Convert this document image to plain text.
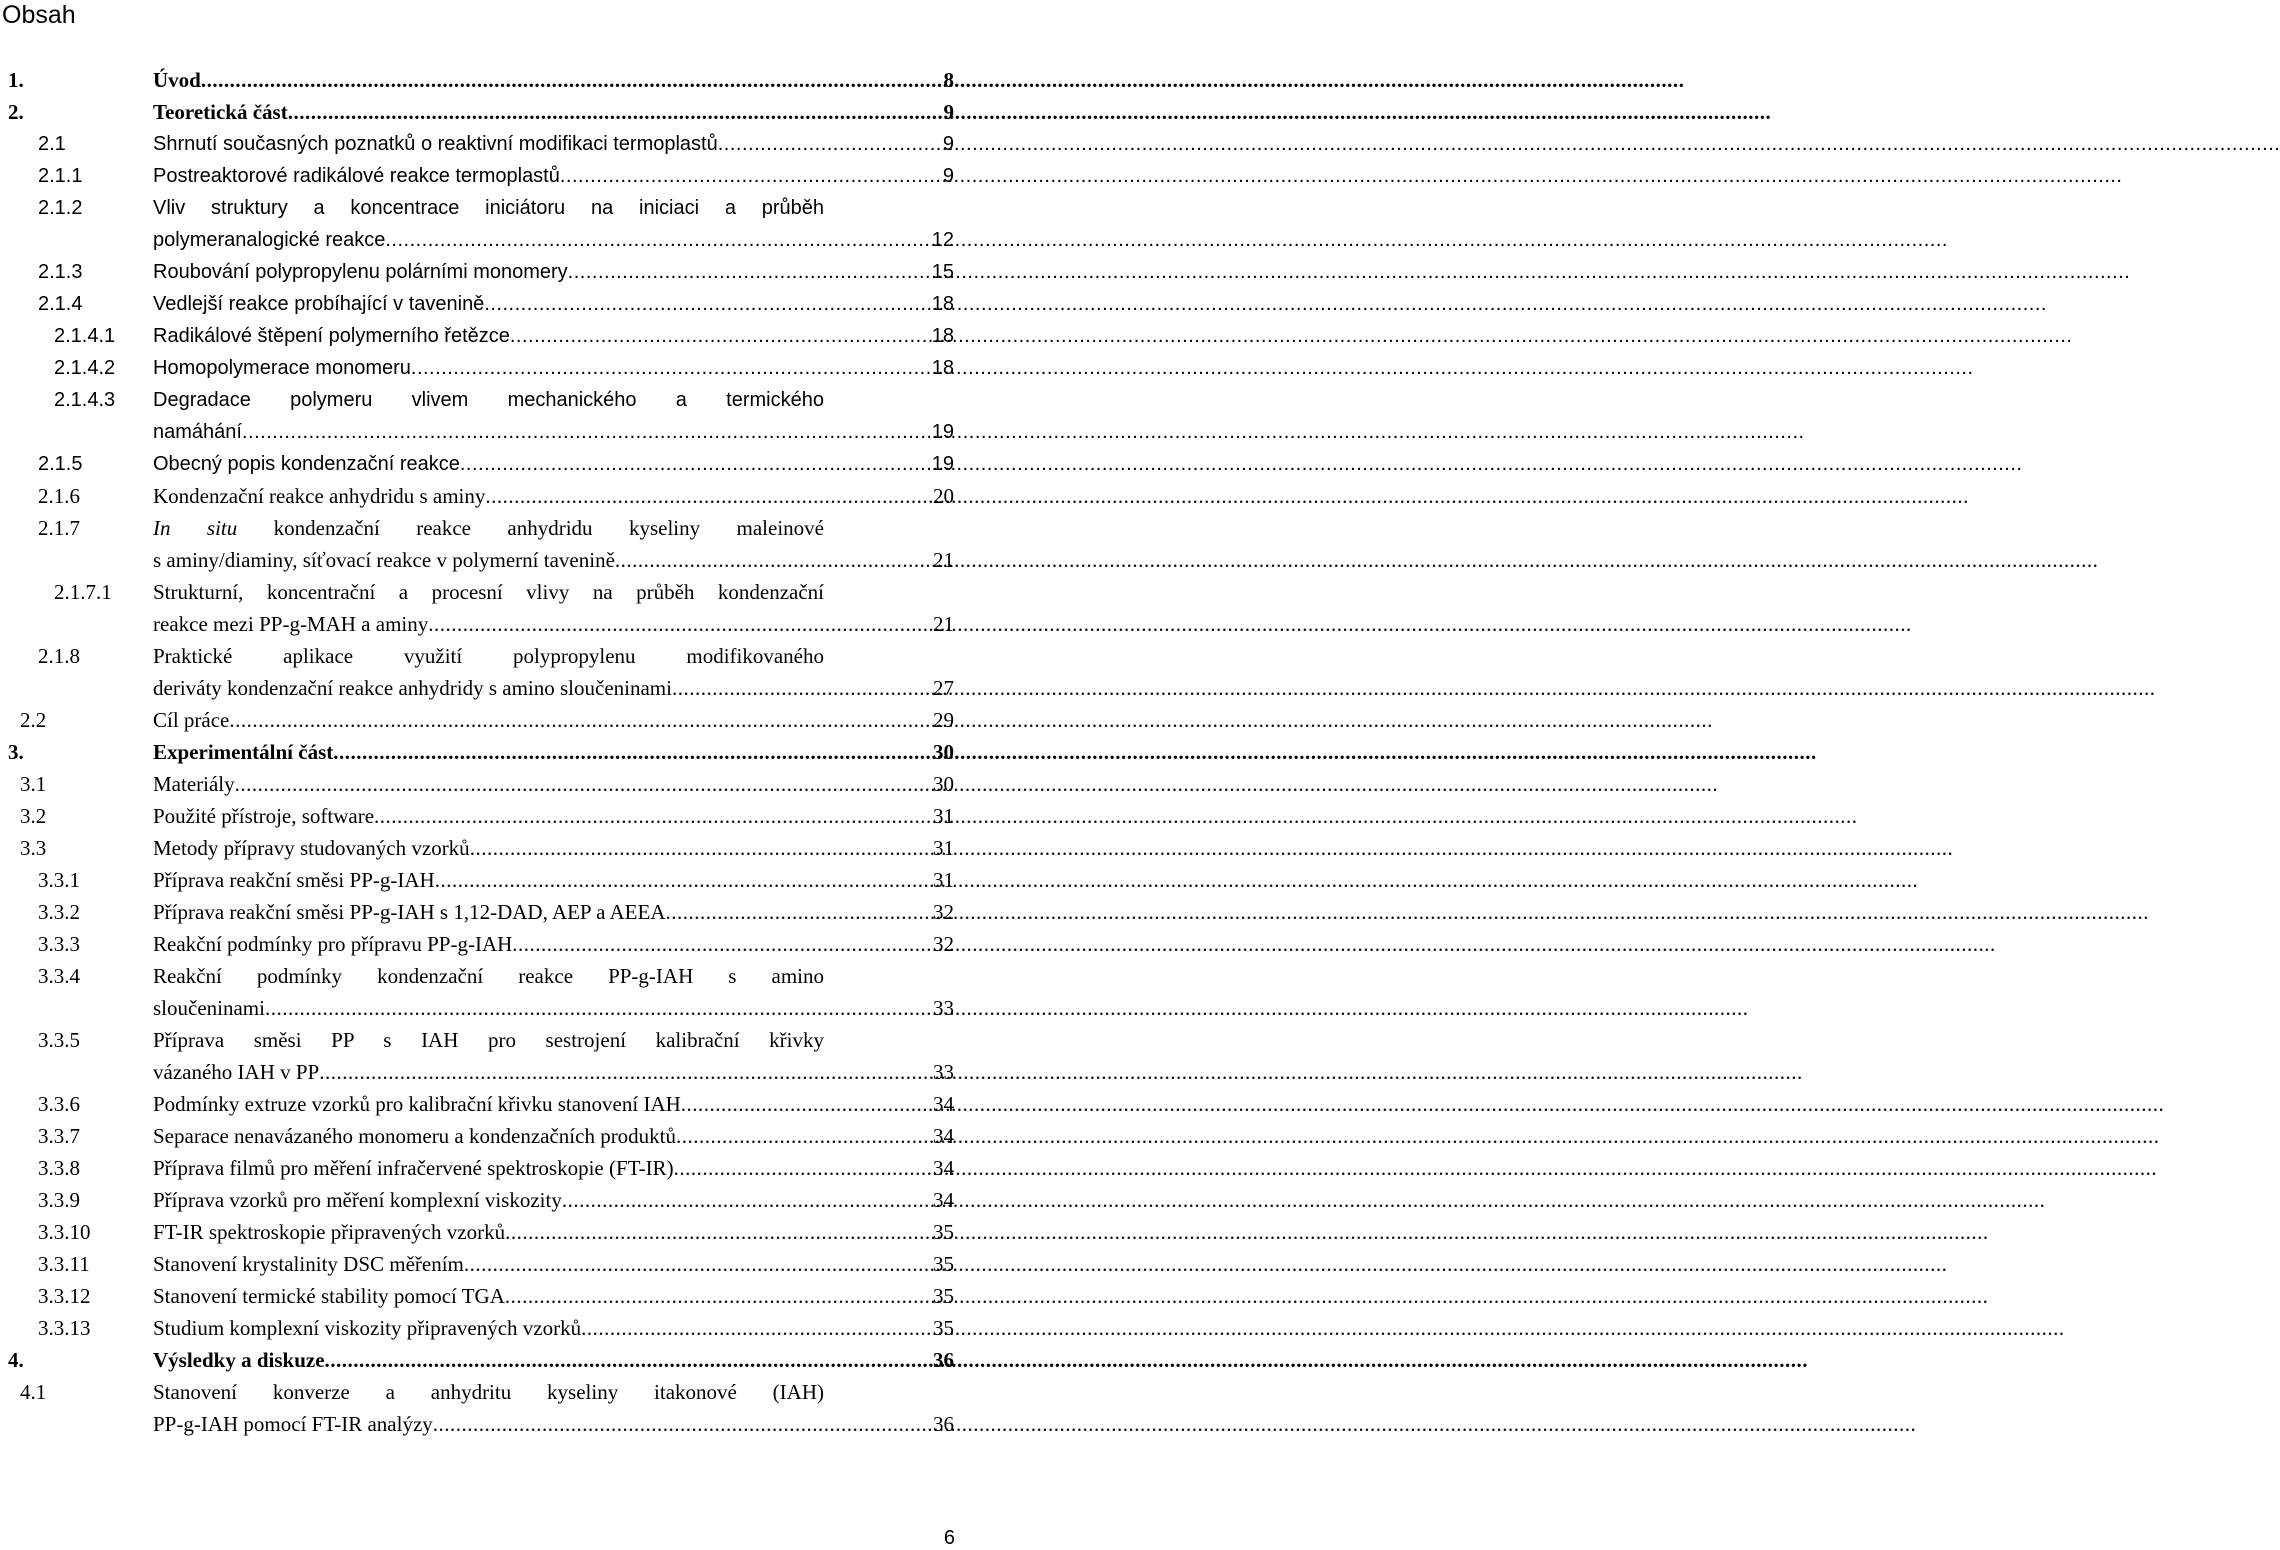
Obsah
1.	Úvod .....	8
2.	Teoretická část .....	9
2.1	Shrnutí současných poznatků o reaktivní modifikaci termoplastů .....	9
2.1.1	Postreaktorové radikálové reakce termoplastů .....	9
2.1.2	Vliv struktury a koncentrace iniciátoru na iniciaci a průběh
polymeranalogické reakce .....	12
2.1.3	Roubování polypropylenu polárními monomery .....	15
2.1.4	Vedlejší reakce probíhající v tavenině .....	18
2.1.4.1	Radikálové štěpení polymerního řetězce .....	18
2.1.4.2	Homopolymerace monomeru .....	18
2.1.4.3	Degradace polymeru vlivem mechanického a termického
namáhání .....	19
2.1.5	Obecný popis kondenzační reakce .....	19
2.1.6	Kondenzační reakce anhydridu s aminy .....	20
2.1.7	In situ kondenzační reakce anhydridu kyseliny maleinové
s aminy/diaminy, síťovací reakce v polymerní tavenině .....	21
2.1.7.1	Strukturní, koncentrační a procesní vlivy na průběh kondenzační
reakce mezi PP-g-MAH a aminy .....	21
2.1.8	Praktické aplikace využití polypropylenu modifikovaného
deriváty kondenzační reakce anhydridy s amino sloučeninami .....	27
2.2	Cíl práce .....	29
3.	Experimentální část .....	30
3.1	Materiály .....	30
3.2	Použité přístroje, software .....	31
3.3	Metody přípravy studovaných vzorků .....	31
3.3.1	Příprava reakční směsi PP-g-IAH .....	31
3.3.2	Příprava reakční směsi PP-g-IAH s 1,12-DAD, AEP a AEEA .....	32
3.3.3	Reakční podmínky pro přípravu PP-g-IAH .....	32
3.3.4	Reakční podmínky kondenzační reakce PP-g-IAH s amino
sloučeninami .....	33
3.3.5	Příprava směsi PP s IAH pro sestrojení kalibrační křivky
vázaného IAH v PP .....	33
3.3.6	Podmínky extruze vzorků pro kalibrační křivku stanovení IAH .....	34
3.3.7	Separace nenavázaného monomeru a kondenzačních produktů .....	34
3.3.8	Příprava filmů pro měření infračervené spektroskopie (FT-IR) .....	34
3.3.9	Příprava vzorků pro měření komplexní viskozity .....	34
3.3.10	FT-IR spektroskopie připravených vzorků .....	35
3.3.11	Stanovení krystalinity DSC měřením .....	35
3.3.12	Stanovení termické stability pomocí TGA .....	35
3.3.13	Studium komplexní viskozity připravených vzorků .....	35
4.	Výsledky a diskuze .....	36
4.1	Stanovení konverze a anhydritu kyseliny itakonové (IAH)
PP-g-IAH pomocí FT-IR analýzy .....	36
6
